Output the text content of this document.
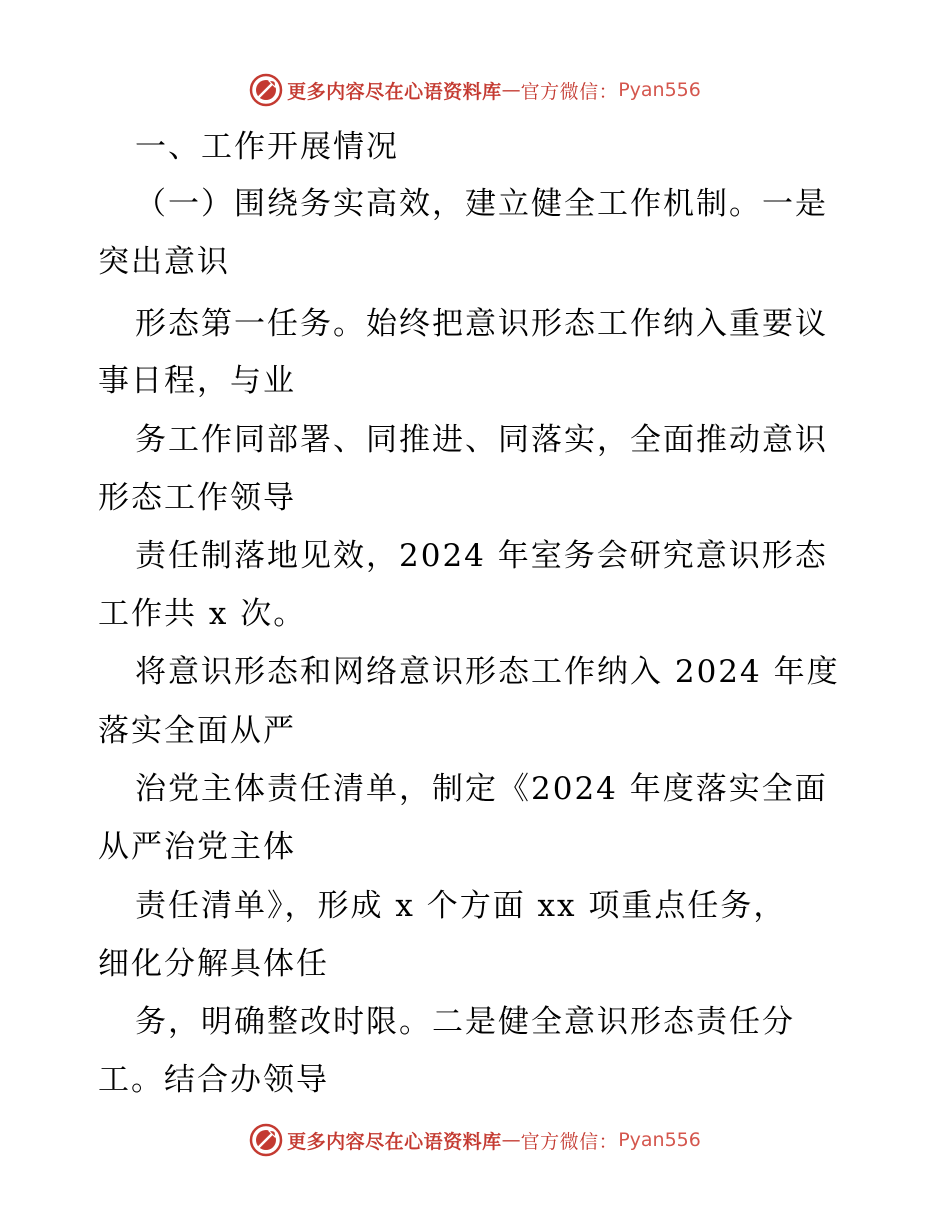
更多内容尽在心语资料库 — 官方微信： Pyan556
一、工作开展情况
（一）围绕务实高效，建立健全工作机制。一是
突出意识
形态第一任务。始终把意识形态工作纳入重要议
事日程，与业
务工作同部署、同推进、同落实，全面推动意识
形态工作领导
责任制落地见效，2024 年室务会研究意识形态
工作共 x 次。
将意识形态和网络意识形态工作纳入 2024 年度
落实全面从严
治党主体责任清单，制定《2024 年度落实全面
从严治党主体
责任清单》，形成 x 个方面 xx 项重点任务，
细化分解具体任
务，明确整改时限。二是健全意识形态责任分
工。结合办领导
更多内容尽在心语资料库 — 官方微信： Pyan556
